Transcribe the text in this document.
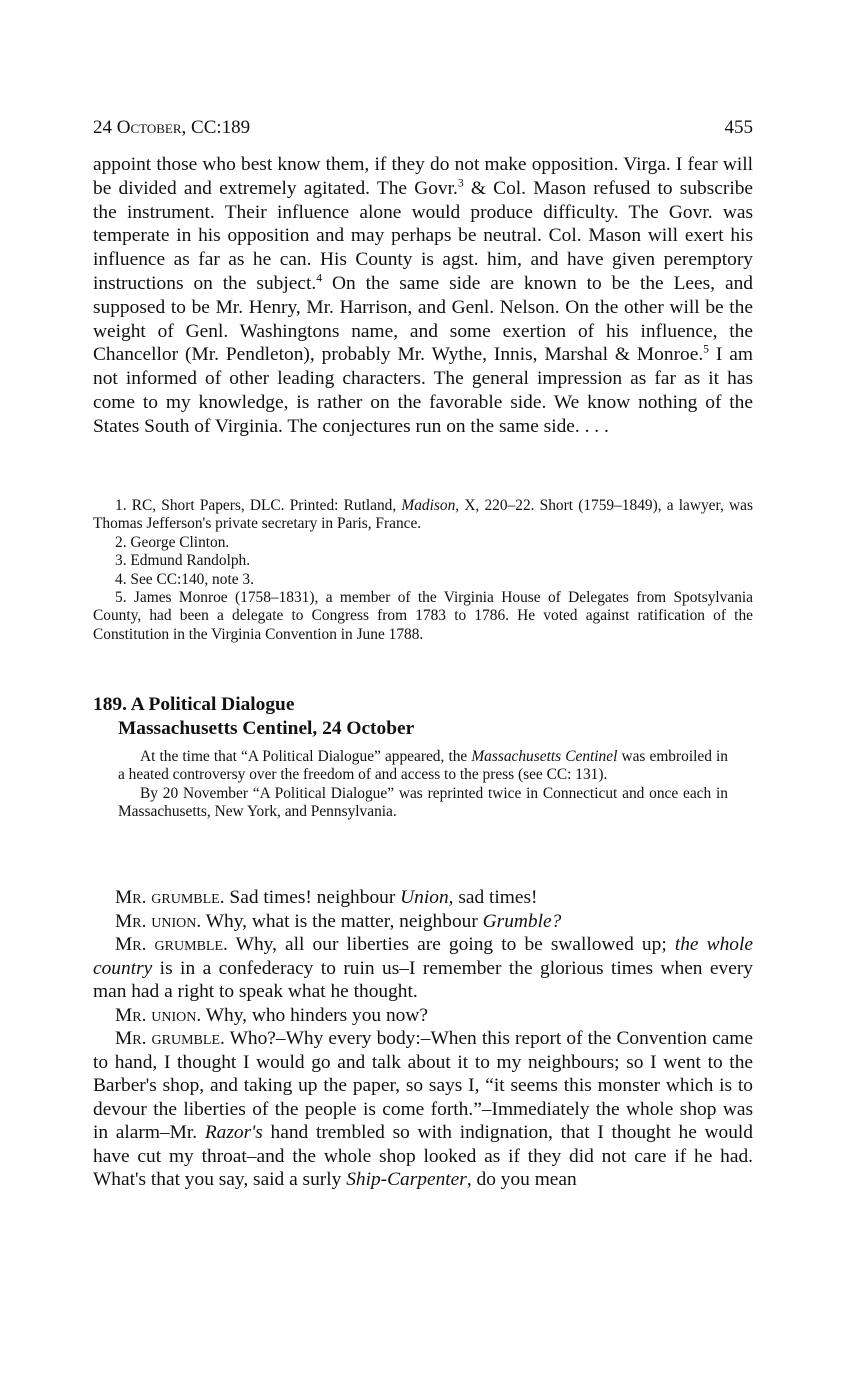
24 October, CC:189	455

appoint those who best know them, if they do not make opposition. Virga. I fear will be divided and extremely agitated. The Govr.$^3$ & Col. Mason refused to subscribe the instrument. Their influence alone would produce difficulty. The Govr. was temperate in his opposition and may perhaps be neutral. Col. Mason will exert his influence as far as he can. His County is agst. him, and have given peremptory instructions on the subject.$^4$ On the same side are known to be the Lees, and supposed to be Mr. Henry, Mr. Harrison, and Genl. Nelson. On the other will be the weight of Genl. Washingtons name, and some exertion of his influence, the Chancellor (Mr. Pendleton), probably Mr. Wythe, Innis, Marshal & Monroe.$^5$ I am not informed of other leading characters. The general impression as far as it has come to my knowledge, is rather on the favorable side. We know nothing of the States South of Virginia. The conjectures run on the same side. . . .

1. RC, Short Papers, DLC. Printed: Rutland, Madison, X, 220–22. Short (1759–1849), a lawyer, was Thomas Jefferson's private secretary in Paris, France.

2. George Clinton.

3. Edmund Randolph.

4. See CC:140, note 3.

5. James Monroe (1758–1831), a member of the Virginia House of Delegates from Spotsylvania County, had been a delegate to Congress from 1783 to 1786. He voted against ratification of the Constitution in the Virginia Convention in June 1788.

189. A Political Dialogue
Massachusetts Centinel, 24 October

At the time that “A Political Dialogue” appeared, the Massachusetts Centinel was embroiled in a heated controversy over the freedom of and access to the press (see CC: 131).

By 20 November “A Political Dialogue” was reprinted twice in Connecticut and once each in Massachusetts, New York, and Pennsylvania.

Mr. grumble. Sad times! neighbour Union, sad times!

Mr. union. Why, what is the matter, neighbour Grumble?

Mr. grumble. Why, all our liberties are going to be swallowed up; the whole country is in a confederacy to ruin us–I remember the glorious times when every man had a right to speak what he thought.

Mr. union. Why, who hinders you now?

Mr. grumble. Who?–Why every body:–When this report of the Convention came to hand, I thought I would go and talk about it to my neighbours; so I went to the Barber's shop, and taking up the paper, so says I, “it seems this monster which is to devour the liberties of the people is come forth.”–Immediately the whole shop was in alarm–Mr. Razor's hand trembled so with indignation, that I thought he would have cut my throat–and the whole shop looked as if they did not care if he had. What's that you say, said a surly Ship-Carpenter, do you mean
